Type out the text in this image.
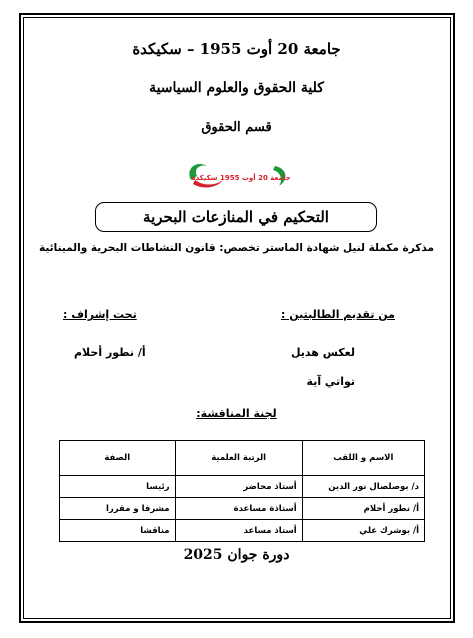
جامعة 20 أوت 1955 – سكيكدة
كلية الحقوق والعلوم السياسية
قسم الحقوق
جامعة 20 أوت 1955 سكيكدة
التحكيم في المنازعات البحرية
مذكرة مكملة لنيل شهادة الماستر تخصص: قانون النشاطات البحرية والمينائية
من تقديم الطالبتين :
تحت إشراف :
لعكس هديل
تواتي آية
أ/ نطور أحلام
لجنة المناقشة:
الاسم و اللقب	الرتبة العلمية	الصفة
د/ بوصلصال نور الدين	أستاذ محاضر	رئيسا
أ/ نطور أحلام	أستاذة مساعدة	مشرفا و مقررا
أ/ بوشرك علي	أستاذ مساعد	مناقشا
دورة جوان 2025
